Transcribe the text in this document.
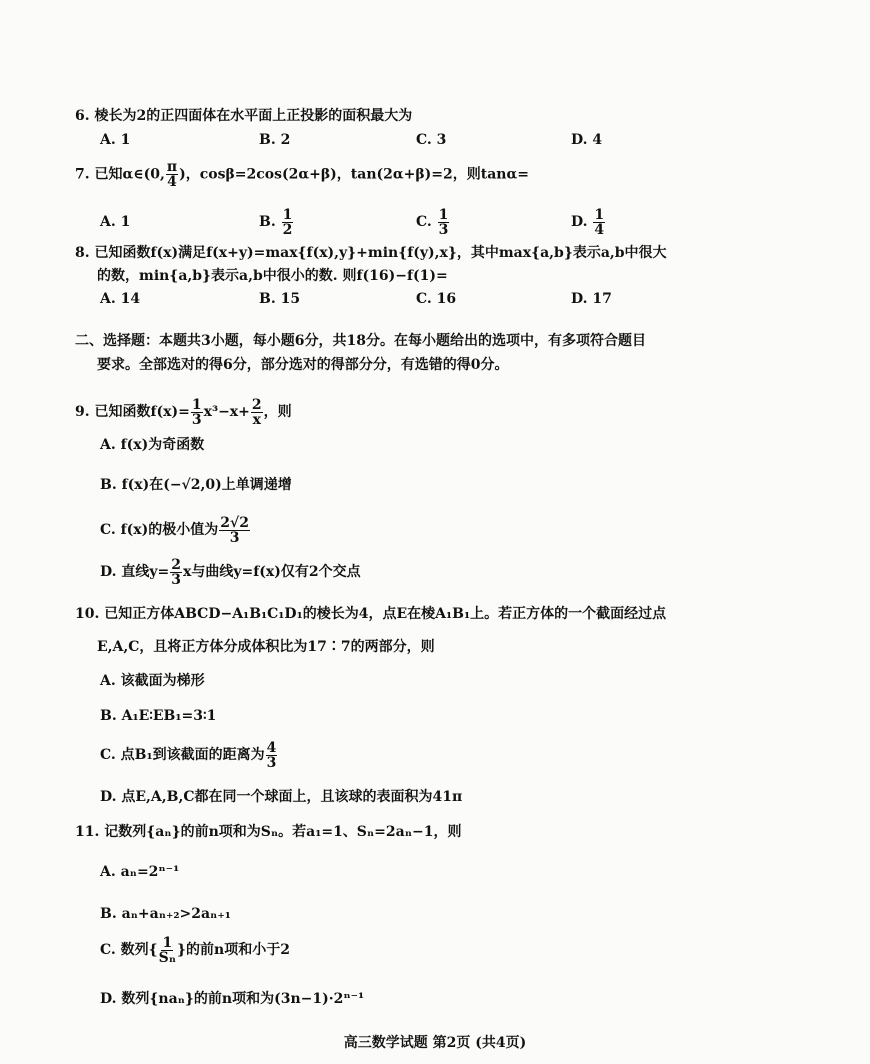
6. 棱长为2的正四面体在水平面上正投影的面积最大为
A. 1	B. 2	C. 3	D. 4
7. 已知α∈(0, $\frac{\pi}{4}$ )，cosβ=2cos(2α+β)，tan(2α+β)=2，则tanα=
A. 1	B. $\frac{1}{2}$	C. $\frac{1}{3}$	D. $\frac{1}{4}$
8. 已知函数f(x)满足f(x+y)=max{f(x),y}+min{f(y),x}，其中max{a,b}表示a,b中很大
的数，min{a,b}表示a,b中很小的数. 则f(16)−f(1)=
A. 14	B. 15	C. 16	D. 17
二、选择题：本题共3小题，每小题6分，共18分。在每小题给出的选项中，有多项符合题目
要求。全部选对的得6分，部分选对的得部分分，有选错的得0分。
9. 已知函数$f(x)= \frac{1}{3} x^3-x+ \frac{2}{x}$ ，则
A. f(x)为奇函数
B. f(x)在(−√2,0)上单调递增
C. f(x)的极小值为 $\frac{2√2}{3}$
D. 直线$y= \frac{2}{3}$ x与曲线y=f(x)仅有2个交点
10. 已知正方体ABCD−A₁B₁C₁D₁的棱长为4，点E在棱A₁B₁上。若正方体的一个截面经过点
E,A,C，且将正方体分成体积比为17∶7的两部分，则
A. 该截面为梯形
B. A₁E∶EB₁=3∶1
C. 点B₁到该截面的距离为 $\frac{4}{3}$
D. 点E,A,B,C都在同一个球面上，且该球的表面积为41π
11. 记数列{aₙ}的前n项和为Sₙ。若a₁=1、Sₙ=2aₙ−1，则
A. aₙ=2ⁿ⁻¹
B. aₙ+aₙ₊₂>2aₙ₊₁
C. 数列{ $\frac{1}{\text{Sₙ}}$ }的前n项和小于2
D. 数列{naₙ}的前n项和为(3n−1)·2ⁿ⁻¹
高三数学试题 第2页 (共4页)
